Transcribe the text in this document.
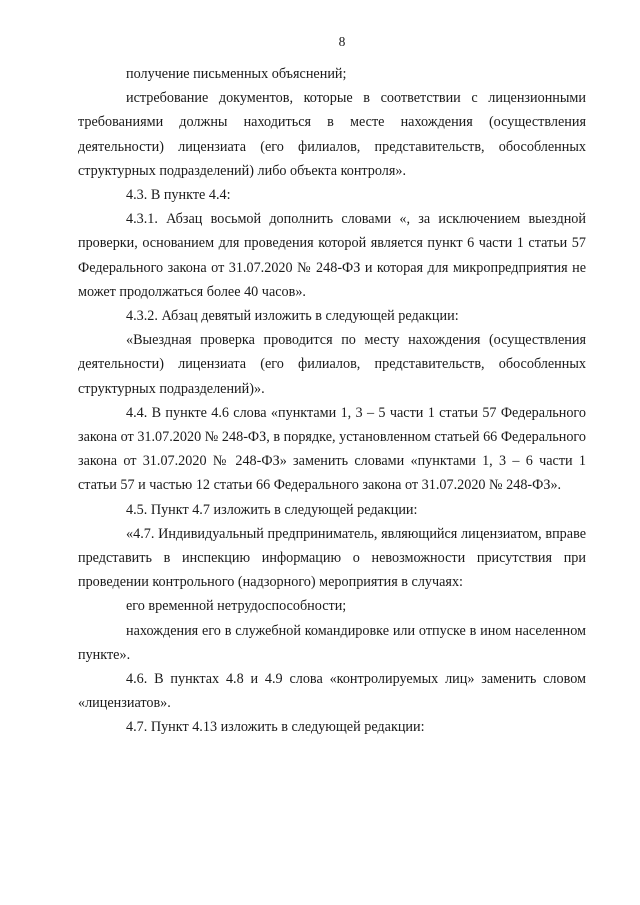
8

получение письменных объяснений;

истребование документов, которые в соответствии с лицензионными требованиями должны находиться в месте нахождения (осуществления деятельности) лицензиата (его филиалов, представительств, обособленных структурных подразделений) либо объекта контроля».

4.3. В пункте 4.4:

4.3.1. Абзац восьмой дополнить словами «, за исключением выездной проверки, основанием для проведения которой является пункт 6 части 1 статьи 57 Федерального закона от 31.07.2020 № 248-ФЗ и которая для микропредприятия не может продолжаться более 40 часов».

4.3.2. Абзац девятый изложить в следующей редакции:

«Выездная проверка проводится по месту нахождения (осуществления деятельности) лицензиата (его филиалов, представительств, обособленных структурных подразделений)».

4.4. В пункте 4.6 слова «пунктами 1, 3 – 5 части 1 статьи 57 Федерального закона от 31.07.2020 № 248-ФЗ, в порядке, установленном статьей 66 Федерального закона от 31.07.2020 № 248-ФЗ» заменить словами «пунктами 1, 3 – 6 части 1 статьи 57 и частью 12 статьи 66 Федерального закона от 31.07.2020 № 248-ФЗ».

4.5. Пункт 4.7 изложить в следующей редакции:

«4.7. Индивидуальный предприниматель, являющийся лицензиатом, вправе представить в инспекцию информацию о невозможности присутствия при проведении контрольного (надзорного) мероприятия в случаях:

его временной нетрудоспособности;

нахождения его в служебной командировке или отпуске в ином населенном пункте».

4.6. В пунктах 4.8 и 4.9 слова «контролируемых лиц» заменить словом «лицензиатов».

4.7. Пункт 4.13 изложить в следующей редакции:
